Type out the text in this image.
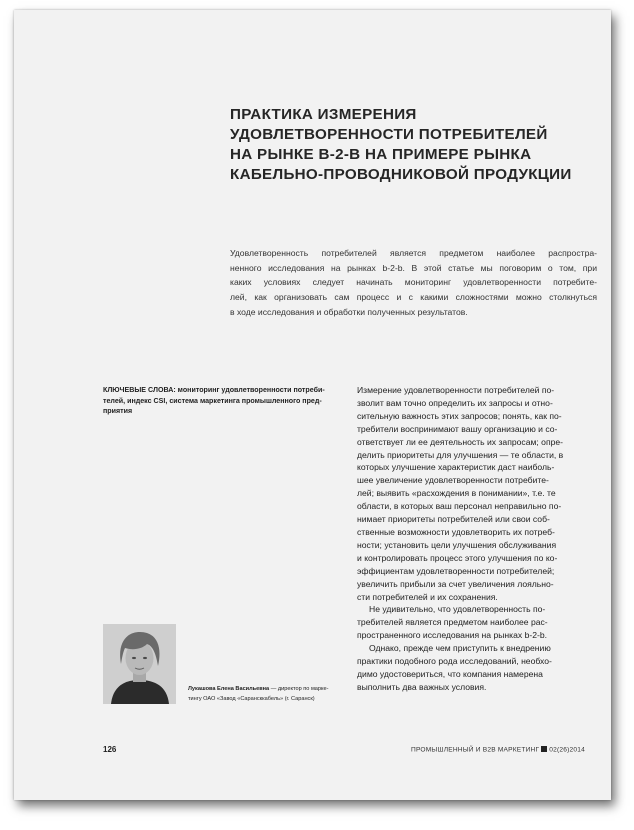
ПРАКТИКА ИЗМЕРЕНИЯ
УДОВЛЕТВОРЕННОСТИ ПОТРЕБИТЕЛЕЙ
НА РЫНКЕ B-2-B НА ПРИМЕРЕ РЫНКА
КАБЕЛЬНО-ПРОВОДНИКОВОЙ ПРОДУКЦИИ
Удовлетворенность потребителей является предметом наиболее распростра-
ненного исследования на рынках b-2-b. В этой статье мы поговорим о том, при
каких условиях следует начинать мониторинг удовлетворенности потребите-
лей, как организовать сам процесс и с какими сложностями можно столкнуться
в ходе исследования и обработки полученных результатов.
КЛЮЧЕВЫЕ СЛОВА: мониторинг удовлетворенности потреби-
телей, индекс CSI, система маркетинга промышленного пред-
приятия
Измерение удовлетворенности потребителей по-
зволит вам точно определить их запросы и отно-
сительную важность этих запросов; понять, как по-
требители воспринимают вашу организацию и со-
ответствует ли ее деятельность их запросам; опре-
делить приоритеты для улучшения — те области, в
которых улучшение характеристик даст наиболь-
шее увеличение удовлетворенности потребите-
лей; выявить «расхождения в понимании», т.е. те
области, в которых ваш персонал неправильно по-
нимает приоритеты потребителей или свои соб-
ственные возможности удовлетворить их потреб-
ности; установить цели улучшения обслуживания
и контролировать процесс этого улучшения по ко-
эффициентам удовлетворенности потребителей;
увеличить прибыли за счет увеличения лояльно-
сти потребителей и их сохранения.
Не удивительно, что удовлетворенность по-
требителей является предметом наиболее рас-
пространенного исследования на рынках b-2-b.
Однако, прежде чем приступить к внедрению
практики подобного рода исследований, необхо-
димо удостовериться, что компания намерена
выполнить два важных условия.
Лукашова Елена Васильевна — директор по марке-
тингу ОАО «Завод «Сарансккабель» (г. Саранск)
126	ПРОМЫШЛЕННЫЙ И B2B МАРКЕТИНГ 02(26)2014
